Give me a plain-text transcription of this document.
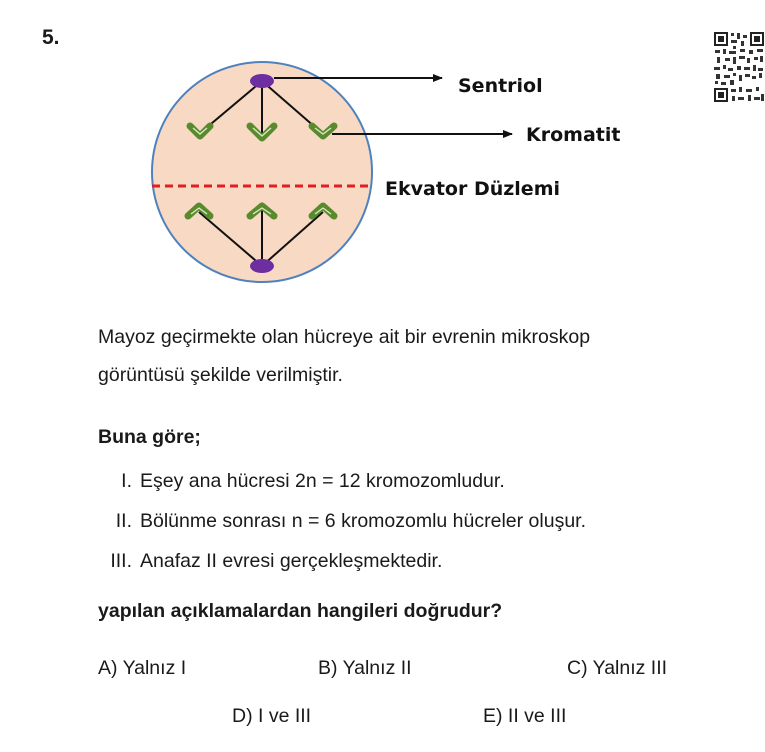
5.
Sentriol
Kromatit
Ekvator Düzlemi
Mayoz geçirmekte olan hücreye ait bir evrenin mikroskop
görüntüsü şekilde verilmiştir.
Buna göre;
I. Eşey ana hücresi 2n = 12 kromozomludur.
II. Bölünme sonrası n = 6 kromozomlu hücreler oluşur.
III. Anafaz II evresi gerçekleşmektedir.
yapılan açıklamalardan hangileri doğrudur?
A) Yalnız I	B) Yalnız II	C) Yalnız III
D) I ve III	E) II ve III
